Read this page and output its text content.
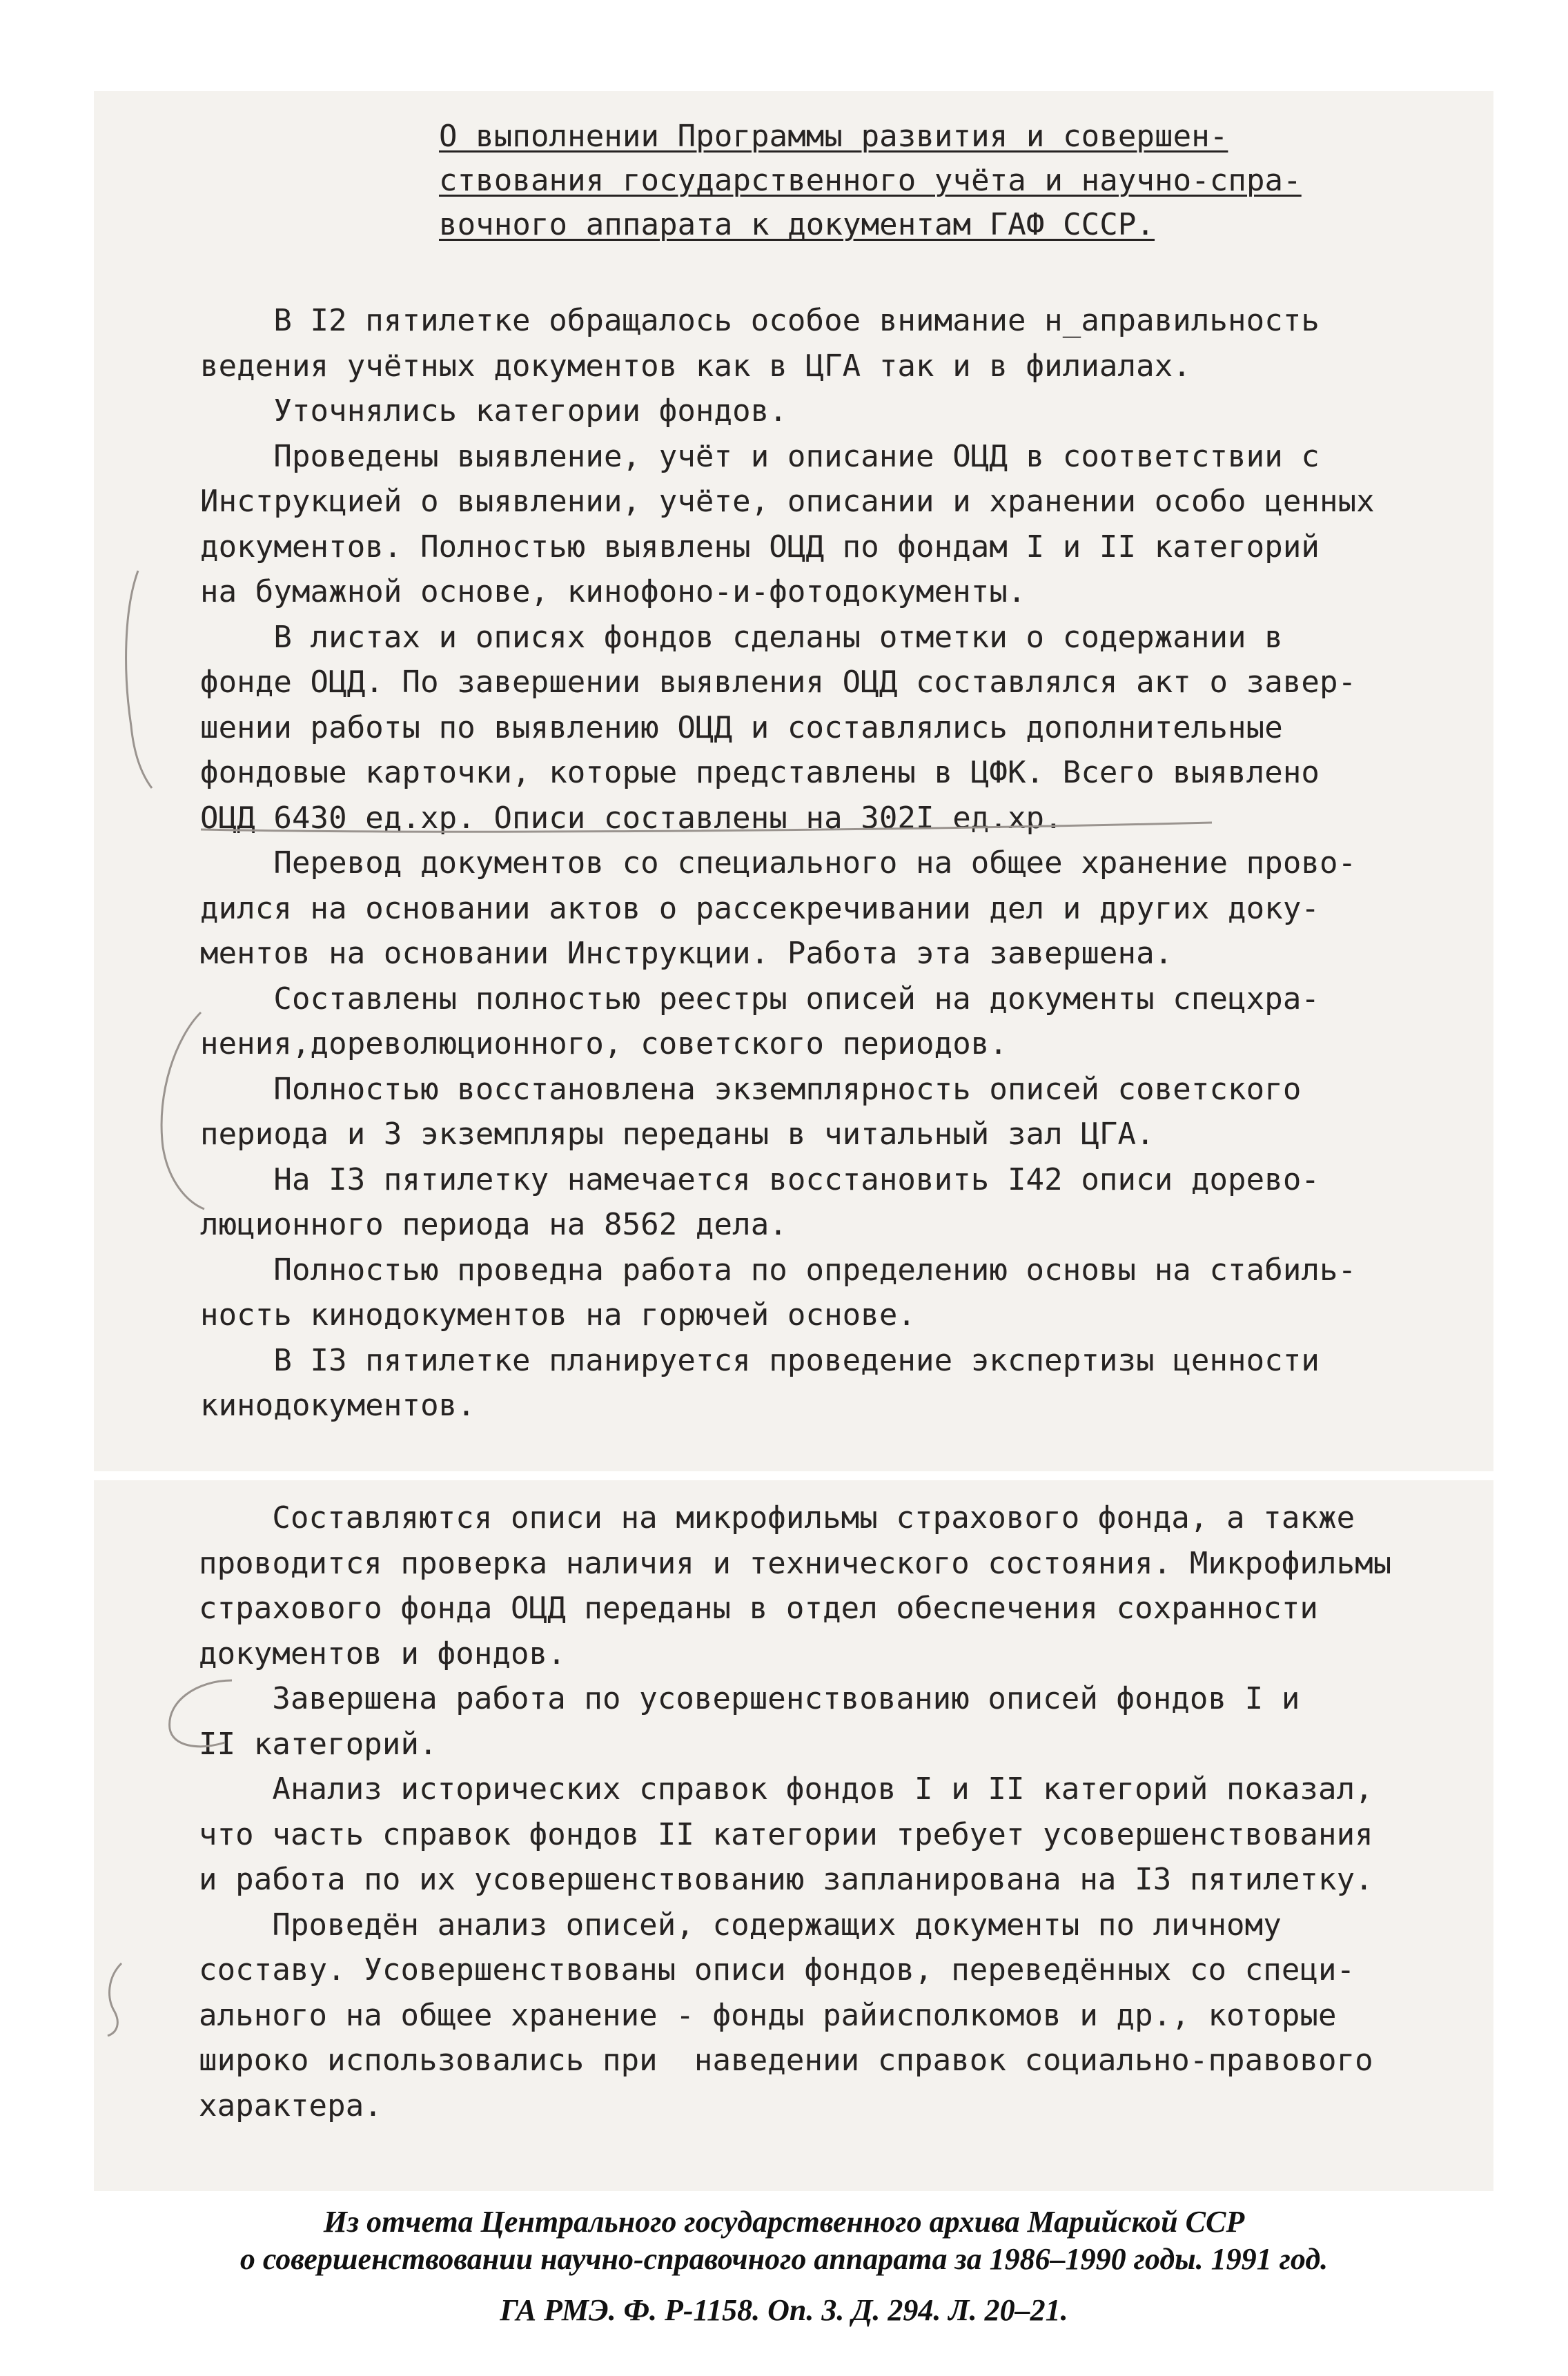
О выполнении Программы развития и совершен-
ствования государственного учёта и научно-спра-
вочного аппарата к документам ГАФ СССР.
В I2 пятилетке обращалось особое внимание н_аправильность
ведения учётных документов как в ЦГА так и в филиалах.
Уточнялись категории фондов.
Проведены выявление, учёт и описание ОЦД в соответствии с
Инструкцией о выявлении, учёте, описании и хранении особо ценных
документов. Полностью выявлены ОЦД по фондам I и II категорий
на бумажной основе, кинофоно-и-фотодокументы.
В листах и описях фондов сделаны отметки о содержании в
фонде ОЦД. По завершении выявления ОЦД составлялся акт о завер-
шении работы по выявлению ОЦД и составлялись дополнительные
фондовые карточки, которые представлены в ЦФК. Всего выявлено
ОЦД 6430 ед.хр. Описи составлены на 302I ед.хр.
Перевод документов со специального на общее хранение прово-
дился на основании актов о рассекречивании дел и других доку-
ментов на основании Инструкции. Работа эта завершена.
Составлены полностью реестры описей на документы спецхра-
нения,дореволюционного, советского периодов.
Полностью восстановлена экземплярность описей советского
периода и 3 экземпляры переданы в читальный зал ЦГА.
На I3 пятилетку намечается восстановить I42 описи дорево-
люционного периода на 8562 дела.
Полностью проведна работа по определению основы на стабиль-
ность кинодокументов на горючей основе.
В I3 пятилетке планируется проведение экспертизы ценности
кинодокументов.
Составляются описи на микрофильмы страхового фонда, а также
проводится проверка наличия и технического состояния. Микрофильмы
страхового фонда ОЦД переданы в отдел обеспечения сохранности
документов и фондов.
Завершена работа по усовершенствованию описей фондов I и
II категорий.
Анализ исторических справок фондов I и II категорий показал,
что часть справок фондов II категории требует усовершенствования
и работа по их усовершенствованию запланирована на I3 пятилетку.
Проведён анализ описей, содержащих документы по личному
составу. Усовершенствованы описи фондов, переведённых со специ-
ального на общее хранение - фонды райисполкомов и др., которые
широко использовались при  наведении справок социально-правового
характера.

Из отчета Центрального государственного архива Марийской ССР

о совершенствовании научно-справочного аппарата за 1986–1990 годы. 1991 год.

ГА РМЭ. Ф. Р-1158. Оп. 3. Д. 294. Л. 20–21.
